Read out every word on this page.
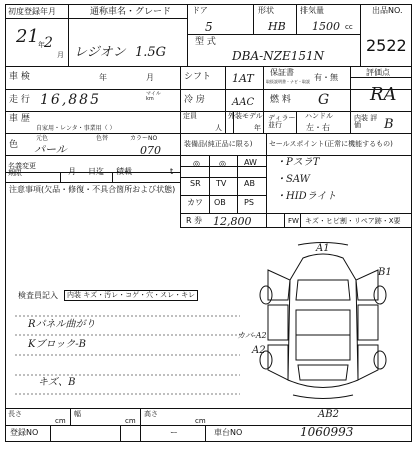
初度登録年月
21 2
年
月
通称車名・グレード
レジオン 1.5G
ドア
5
形状
HB
排気量
1500 cc
型 式
DBA-NZE151N
出品NO.
2522
車 検	年	月	シフト 1AT 保証書
取扱説明書・ナビ・取説 有・無
評価点
RA
走 行 16,885	マイル km	冷 房	AAC 燃 料 G
車 歴
自家用・レンタ・事業用（ ）
定員
人
外装モデル
年
ディラー 並行
ハンドル
左・右
内装 評価	B
色
元色
パール
色替	カラーNO
070
名義変更期限	月 日迄 積載	t
注意事項(欠品・修復・不具合箇所および状態)
装備品(純正品に限る)
◎ ◎ AW
SR TV AB
カワ OB PS
セールスポイント(正常に機能するもの)
・PスラT
・SAW
・HIDライト
R 券 12,800	FW キズ・ヒビ割・リペア跡・X要
検査員記入	内装 キズ・汚レ・コゲ・穴・スレ・キレ
Rパネル曲がり
Kブロック-B
キズ、B
A1
B1
A2
カバ-A2
AB2
長さ
cm
幅
cm
高さ
cm
登録NO	ー	車台NO	1060993
